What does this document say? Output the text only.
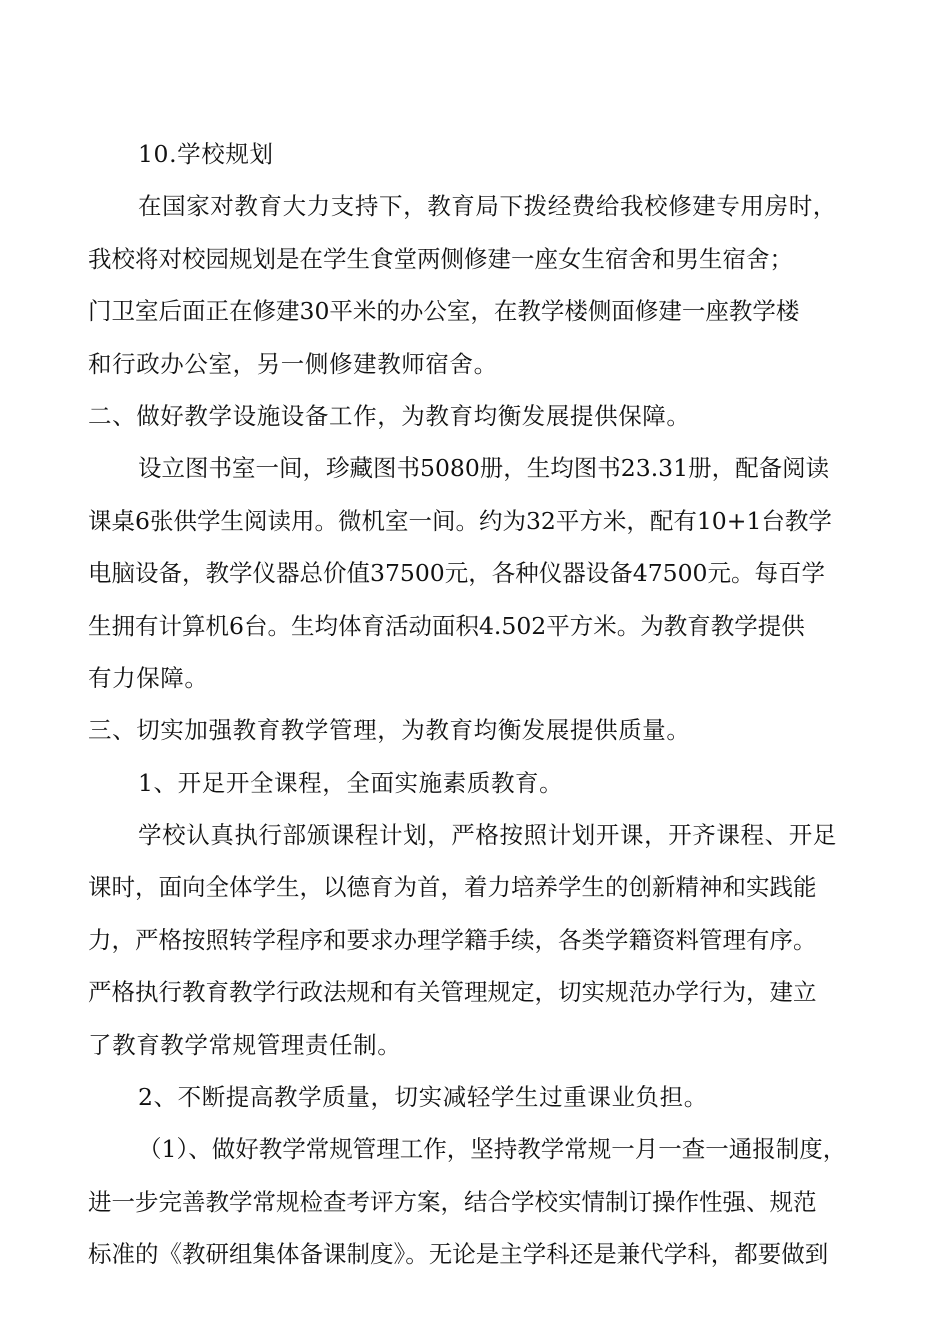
10.学校规划
在国家对教育大力支持下，教育局下拨经费给我校修建专用房时，
我校将对校园规划是在学生食堂两侧修建一座女生宿舍和男生宿舍；
门卫室后面正在修建30平米的办公室，在教学楼侧面修建一座教学楼
和行政办公室，另一侧修建教师宿舍。
二、做好教学设施设备工作，为教育均衡发展提供保障。
设立图书室一间，珍藏图书5080册，生均图书23.31册，配备阅读
课桌6张供学生阅读用。微机室一间。约为32平方米，配有10+1台教学
电脑设备，教学仪器总价值37500元，各种仪器设备47500元。每百学
生拥有计算机6台。生均体育活动面积4.502平方米。为教育教学提供
有力保障。
三、切实加强教育教学管理，为教育均衡发展提供质量。
1、开足开全课程，全面实施素质教育。
学校认真执行部颁课程计划，严格按照计划开课，开齐课程、开足
课时，面向全体学生，以德育为首，着力培养学生的创新精神和实践能
力，严格按照转学程序和要求办理学籍手续，各类学籍资料管理有序。
严格执行教育教学行政法规和有关管理规定，切实规范办学行为，建立
了教育教学常规管理责任制。
2、不断提高教学质量，切实减轻学生过重课业负担。
（1）、做好教学常规管理工作，坚持教学常规一月一查一通报制度，
进一步完善教学常规检查考评方案，结合学校实情制订操作性强、规范
标准的《教研组集体备课制度》。无论是主学科还是兼代学科，都要做到
